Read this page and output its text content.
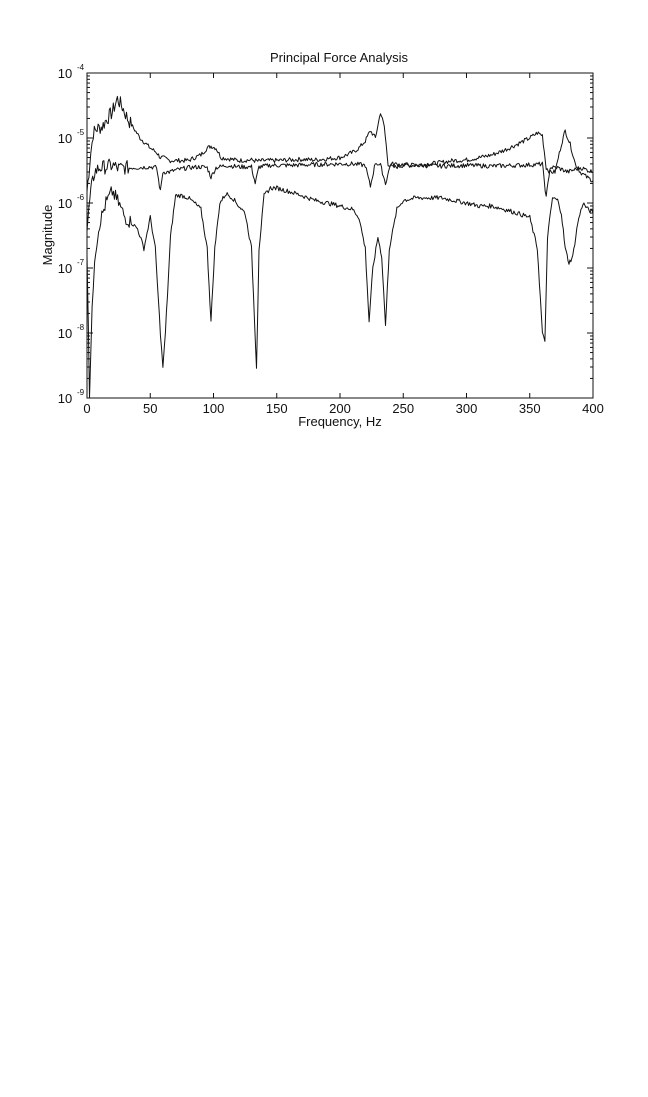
Principal Force Analysis
0	50	100	150	200	250	300	350	400
10 -9
10 -8
10 -7
10 -6
10 -5
10 -4
Frequency, Hz
Magnitude
